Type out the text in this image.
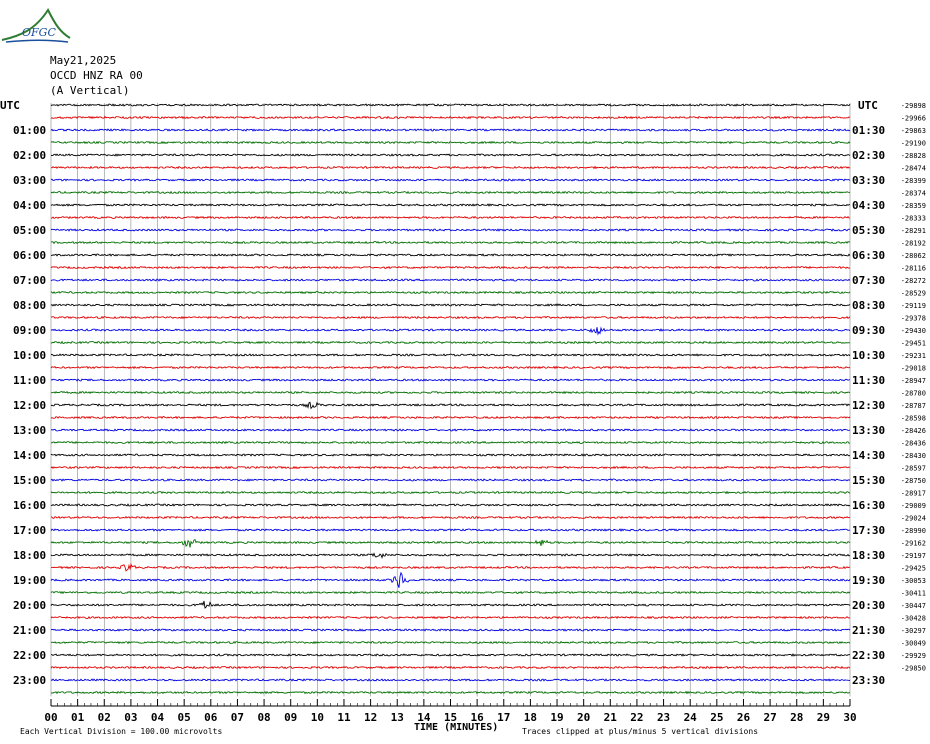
OFGC
May21,2025
OCCD HNZ RA 00
(A Vertical)
UTC
01:00
02:00
03:00
04:00
05:00
06:00
07:00
08:00
09:00
10:00
11:00
12:00
13:00
14:00
15:00
16:00
17:00
18:00
19:00
20:00
21:00
22:00
23:00
UTC
01:30
02:30
03:30
04:30
05:30
06:30
07:30
08:30
09:30
10:30
11:30
12:30
13:30
14:30
15:30
16:30
17:30
18:30
19:30
20:30
21:30
22:30
23:30
-29898
-29966
-29863
-29190
-28828
-28474
-28399
-28374
-28359
-28333
-28291
-28192
-28062
-28116
-28272
-28529
-29119
-29378
-29430
-29451
-29231
-29018
-28947
-28780
-28787
-28598
-28426
-28436
-28430
-28597
-28750
-28917
-29009
-29024
-28990
-29162
-29197
-29425
-30053
-30411
-30447
-30428
-30297
-30049
-29929
-29850
00 01 02 03 04 05 06 07 08 09 10 11 12 13 14 15 16 17 18 19 20 21 22 23 24 25 26 27 28 29 30
TIME (MINUTES)
Each Vertical Division = 100.00 microvolts	Traces clipped at plus/minus 5 vertical divisions
